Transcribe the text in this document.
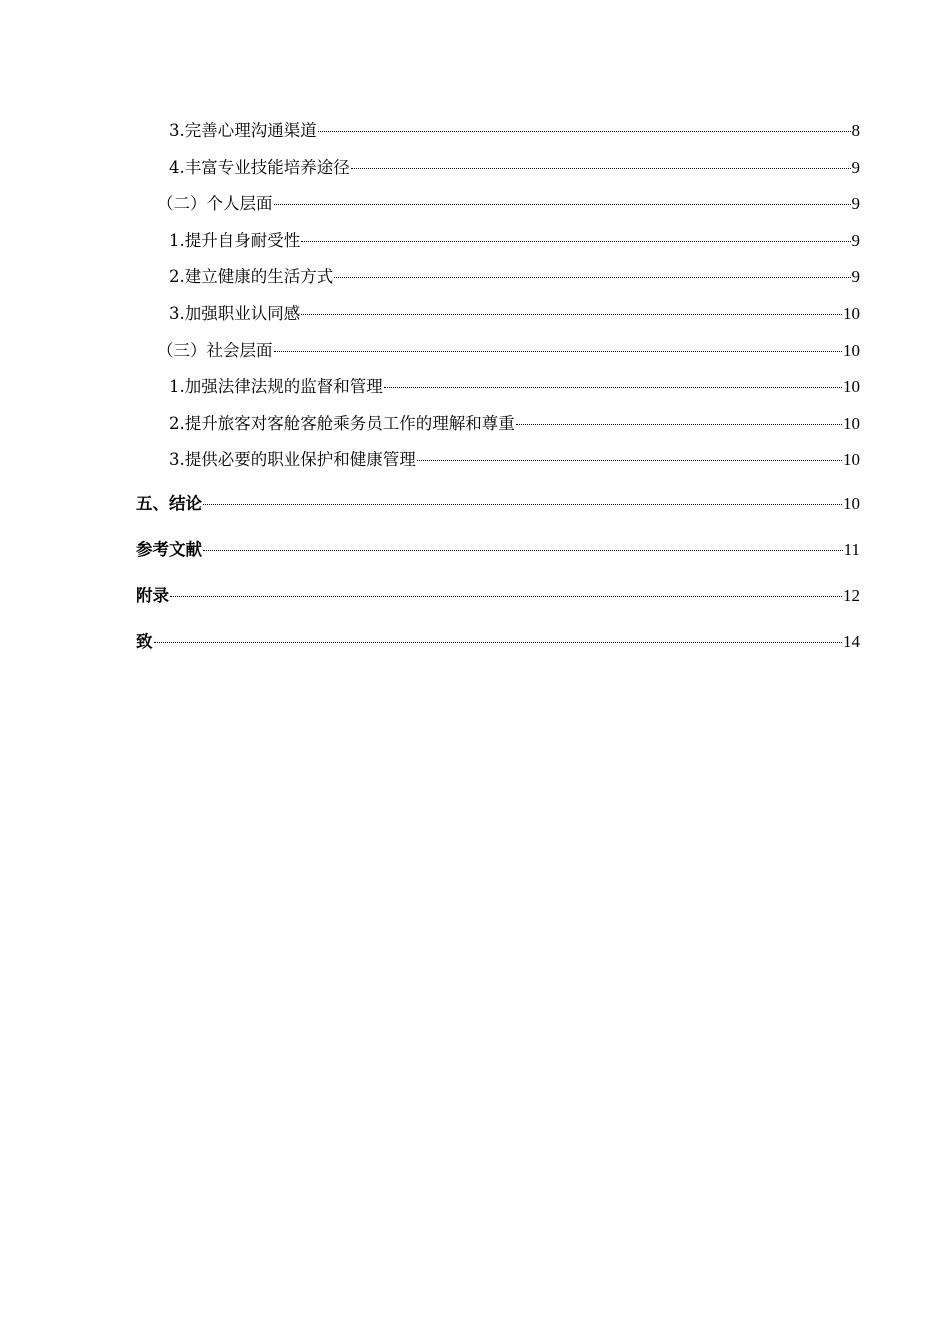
3.完善心理沟通渠道	8
4.丰富专业技能培养途径	9
（二）个人层面	9
1.提升自身耐受性	9
2.建立健康的生活方式	9
3.加强职业认同感	10
（三）社会层面	10
1.加强法律法规的监督和管理	10
2.提升旅客对客舱客舱乘务员工作的理解和尊重	10
3.提供必要的职业保护和健康管理	10
五、结论	10
参考文献	11
附录	12
致	14
